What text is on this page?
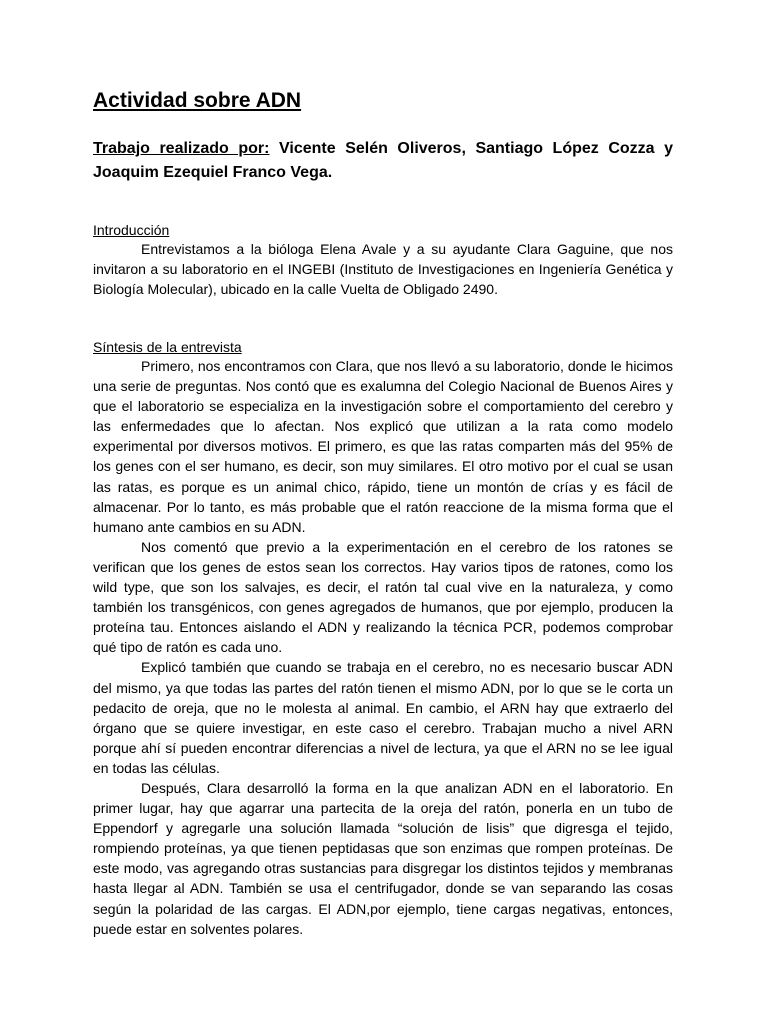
Actividad sobre ADN

Trabajo realizado por: Vicente Selén Oliveros, Santiago López Cozza y Joaquim Ezequiel Franco Vega.

Introducción

Entrevistamos a la bióloga Elena Avale y a su ayudante Clara Gaguine, que nos invitaron a su laboratorio en el INGEBI (Instituto de Investigaciones en Ingeniería Genética y Biología Molecular), ubicado en la calle Vuelta de Obligado 2490.

Síntesis de la entrevista

Primero, nos encontramos con Clara, que nos llevó a su laboratorio, donde le hicimos una serie de preguntas. Nos contó que es exalumna del Colegio Nacional de Buenos Aires y que el laboratorio se especializa en la investigación sobre el comportamiento del cerebro y las enfermedades que lo afectan. Nos explicó que utilizan a la rata como modelo experimental por diversos motivos. El primero, es que las ratas comparten más del 95% de los genes con el ser humano, es decir, son muy similares. El otro motivo por el cual se usan las ratas, es porque es un animal chico, rápido, tiene un montón de crías y es fácil de almacenar. Por lo tanto, es más probable que el ratón reaccione de la misma forma que el humano ante cambios en su ADN.

Nos comentó que previo a la experimentación en el cerebro de los ratones se verifican que los genes de estos sean los correctos. Hay varios tipos de ratones, como los wild type, que son los salvajes, es decir, el ratón tal cual vive en la naturaleza, y como también los transgénicos, con genes agregados de humanos, que por ejemplo, producen la proteína tau. Entonces aislando el ADN y realizando la técnica PCR, podemos comprobar qué tipo de ratón es cada uno.

Explicó también que cuando se trabaja en el cerebro, no es necesario buscar ADN del mismo, ya que todas las partes del ratón tienen el mismo ADN, por lo que se le corta un pedacito de oreja, que no le molesta al animal. En cambio, el ARN hay que extraerlo del órgano que se quiere investigar, en este caso el cerebro. Trabajan mucho a nivel ARN porque ahí sí pueden encontrar diferencias a nivel de lectura, ya que el ARN no se lee igual en todas las células.

Después, Clara desarrolló la forma en la que analizan ADN en el laboratorio. En primer lugar, hay que agarrar una partecita de la oreja del ratón, ponerla en un tubo de Eppendorf y agregarle una solución llamada “solución de lisis” que digresga el tejido, rompiendo proteínas, ya que tienen peptidasas que son enzimas que rompen proteínas. De este modo, vas agregando otras sustancias para disgregar los distintos tejidos y membranas hasta llegar al ADN. También se usa el centrifugador, donde se van separando las cosas según la polaridad de las cargas. El ADN,por ejemplo, tiene cargas negativas, entonces, puede estar en solventes polares.
